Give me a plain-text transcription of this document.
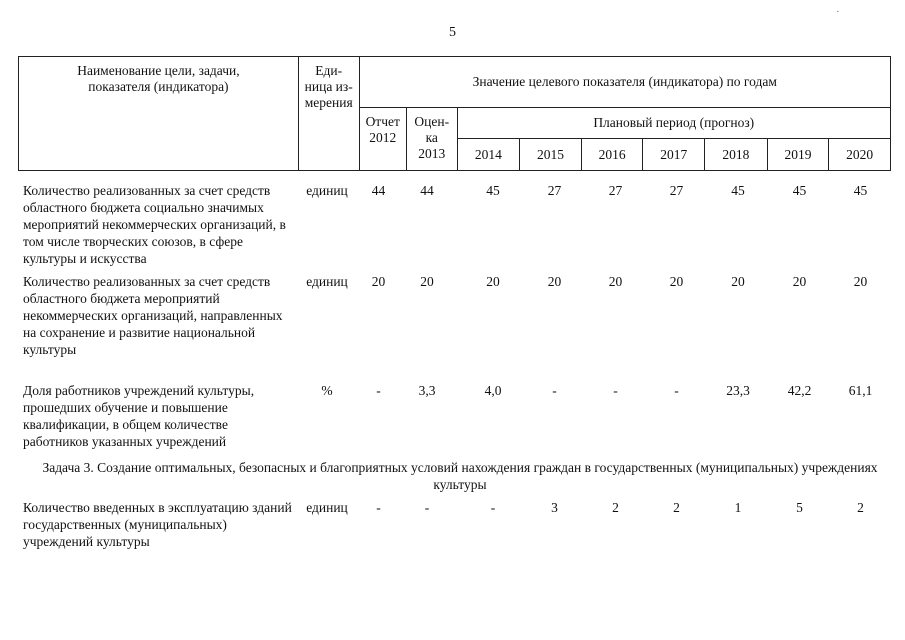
5
·
Наименование цели, задачи, показателя (индикатора)	Еди-
ница из-
мерения	Значение целевого показателя (индикатора) по годам								

		Отчет
2012	Оцен-
ка
2013	Плановый период (прогноз)						
				2014	2015	2016	2017	2018	2019	2020
Количество реализованных за счет средств областного бюджета социально значимых мероприятий некоммерческих организаций, в том числе творческих союзов, в сфере культуры и искусства
единиц	44	44	45	27	27	27	45	45	45
Количество реализованных за счет средств областного бюджета мероприятий некоммерческих организаций, направленных на сохранение и развитие национальной культуры
единиц	20	20	20	20	20	20	20	20	20
Доля работников учреждений культуры, прошедших обучение и повышение квалификации, в общем количестве работников указанных учреждений
%	-	3,3	4,0	-	-	-	23,3	42,2	61,1
Задача 3. Создание оптимальных, безопасных и благоприятных условий нахождения граждан в государственных (муниципальных) учреждениях культуры
Количество введенных в эксплуатацию зданий государственных (муниципальных) учреждений культуры
единиц	-	-	-	3	2	2	1	5	2
